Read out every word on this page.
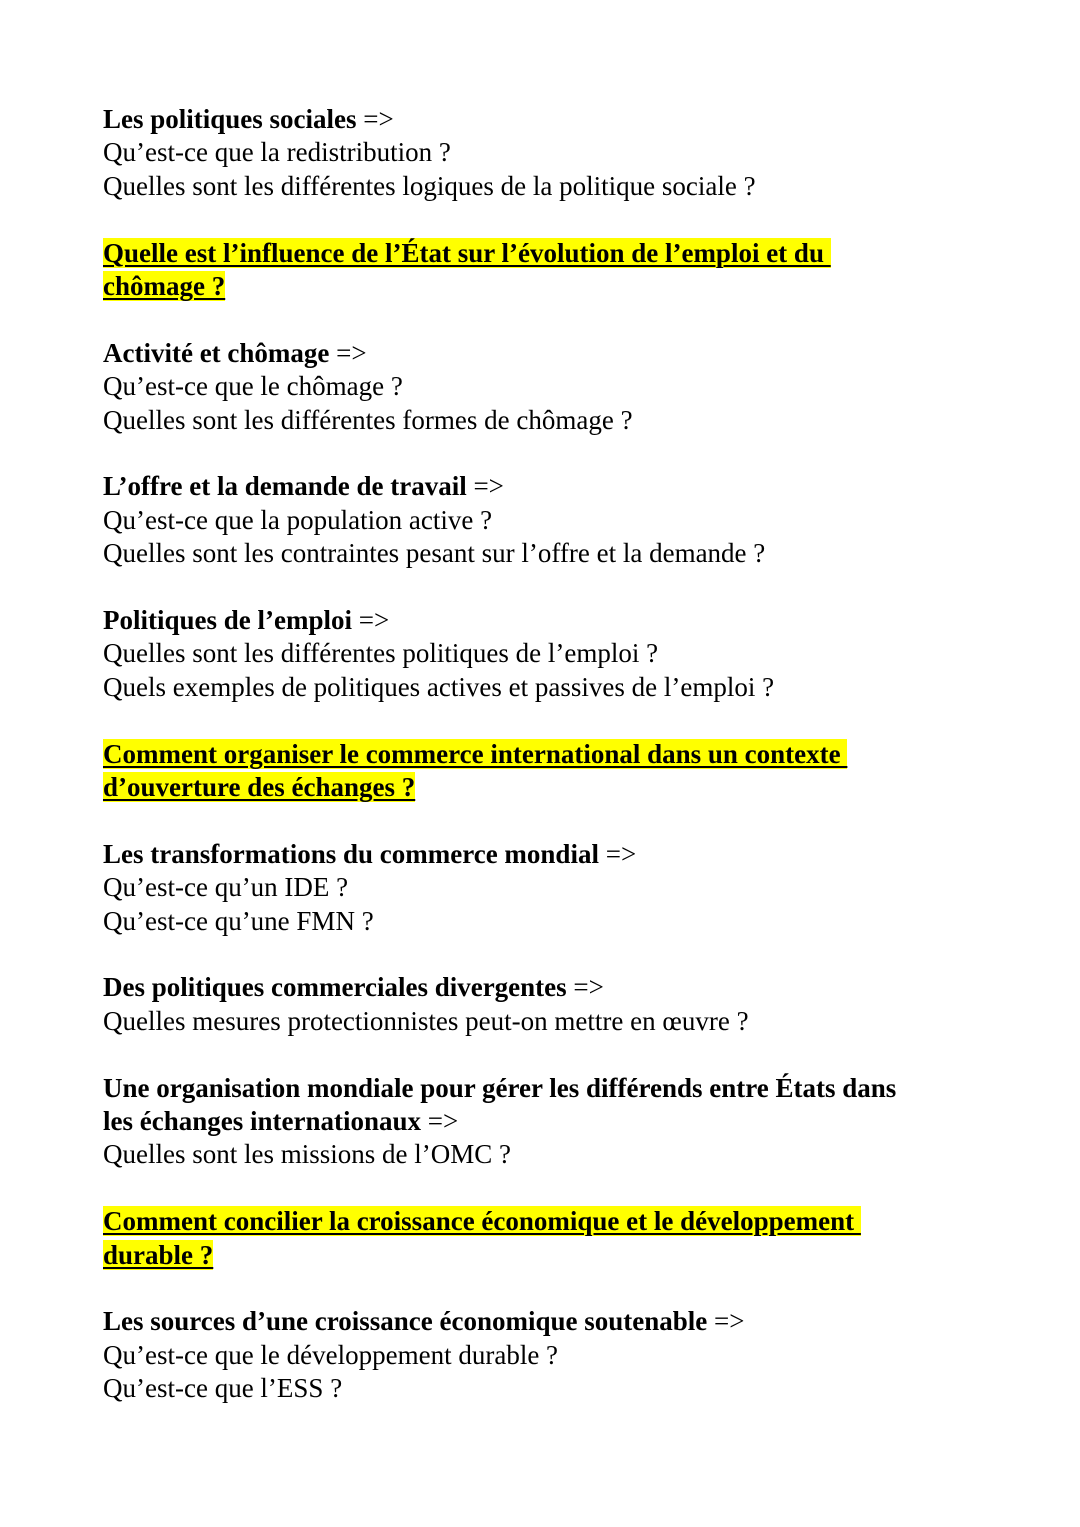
Les politiques sociales =>
Qu’est-ce que la redistribution ?
Quelles sont les différentes logiques de la politique sociale ?
Quelle est l’influence de l’État sur l’évolution de l’emploi et du
chômage ?
Activité et chômage =>
Qu’est-ce que le chômage ?
Quelles sont les différentes formes de chômage ?
L’offre et la demande de travail =>
Qu’est-ce que la population active ?
Quelles sont les contraintes pesant sur l’offre et la demande ?
Politiques de l’emploi =>
Quelles sont les différentes politiques de l’emploi ?
Quels exemples de politiques actives et passives de l’emploi ?
Comment organiser le commerce international dans un contexte
d’ouverture des échanges ?
Les transformations du commerce mondial =>
Qu’est-ce qu’un IDE ?
Qu’est-ce qu’une FMN ?
Des politiques commerciales divergentes =>
Quelles mesures protectionnistes peut-on mettre en œuvre ?
Une organisation mondiale pour gérer les différends entre États dans
les échanges internationaux =>
Quelles sont les missions de l’OMC ?
Comment concilier la croissance économique et le développement
durable ?
Les sources d’une croissance économique soutenable =>
Qu’est-ce que le développement durable ?
Qu’est-ce que l’ESS ?
